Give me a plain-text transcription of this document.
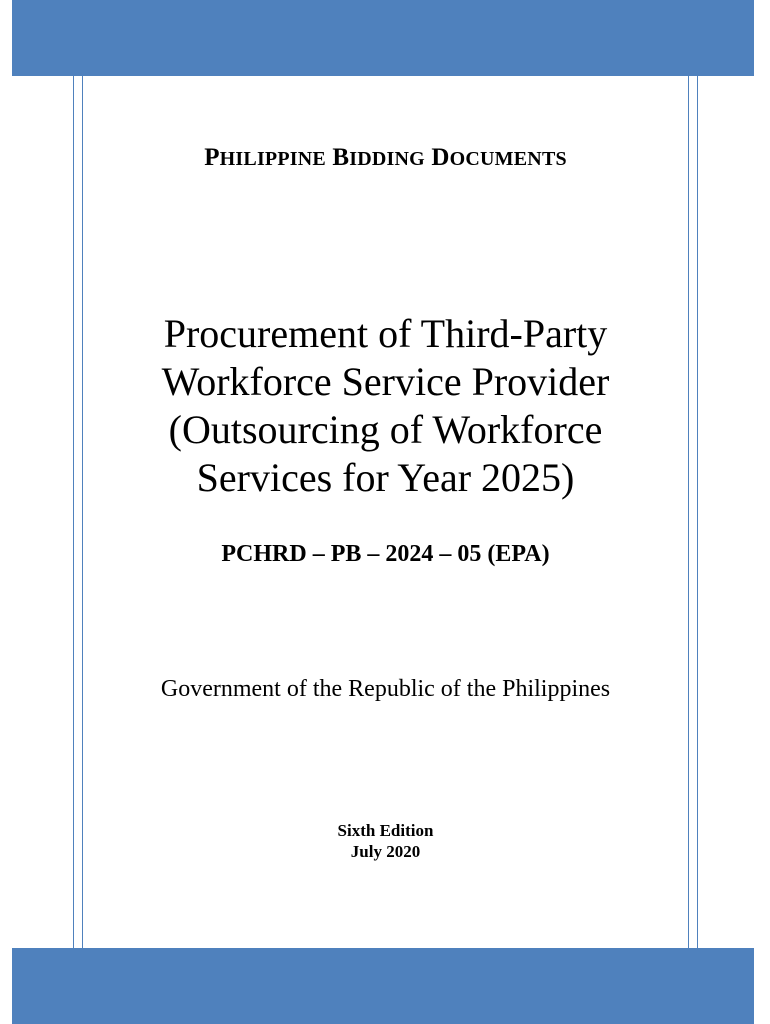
PHILIPPINE BIDDING DOCUMENTS
Procurement of Third-Party
Workforce Service Provider
(Outsourcing of Workforce
Services for Year 2025)
PCHRD – PB – 2024 – 05 (EPA)
Government of the Republic of the Philippines
Sixth Edition
July 2020
